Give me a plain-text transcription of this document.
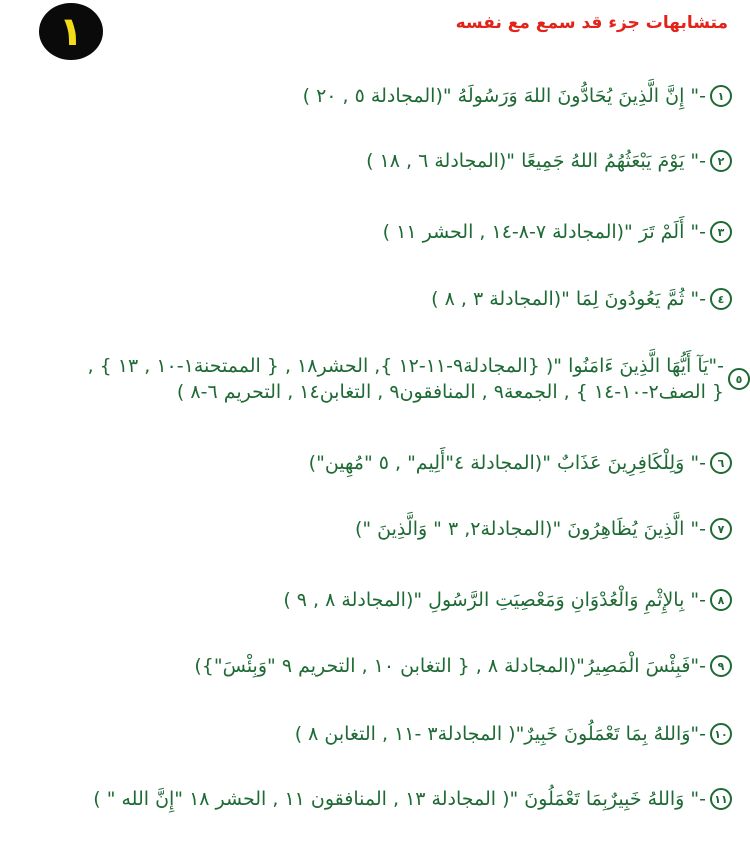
١	متشابهات جزء قد سمع مع نفسه
١
-" إِنَّ الَّذِينَ يُحَادُّونَ اللهَ وَرَسُولَهُ "(المجادلة ٥ , ٢٠ )
٢
-" يَوْمَ يَبْعَثُهُمُ اللهُ جَمِيعًا "(المجادلة ٦ , ١٨ )
٣
-" أَلَمْ تَرَ "(المجادلة ٧-٨-١٤ , الحشر ١١ )
٤
-" ثُمَّ يَعُودُونَ لِمَا "(المجادلة ٣ , ٨ )
٥
-"يَآ أَيُّهَا الَّذِينَ ءَامَنُوا "( {المجادلة٩-١١-١٢ }, الحشر١٨ , { الممتحنة١-١٠ , ١٣ } ,
{ الصف٢-١٠-١٤ } , الجمعة٩ , المنافقون٩ , التغابن١٤ , التحريم ٦-٨ )
٦
-" وَلِلْكَافِرِينَ عَذَابٌ "(المجادلة ٤"أَلِيم" , ٥ "مُهِين")
٧
-" الَّذِينَ يُظَاهِرُونَ "(المجادلة٢, ٣ " وَالَّذِينَ ")
٨
-" بِالإِثْمِ وَالْعُدْوَانِ وَمَعْصِيَتِ الرَّسُولِ "(المجادلة ٨ , ٩ )
٩
-"فَبِئْسَ الْمَصِيرُ"(المجادلة ٨ , { التغابن ١٠ , التحريم ٩ "وَبِئْسَ"})
١٠
-"وَاللهُ بِمَا تَعْمَلُونَ خَبِيرٌ"( المجادلة٣ -١١ , التغابن ٨ )
١١
-" وَاللهُ خَبِيرٌبِمَا تَعْمَلُونَ "( المجادلة ١٣ , المنافقون ١١ , الحشر ١٨ "إِنَّ الله " )
